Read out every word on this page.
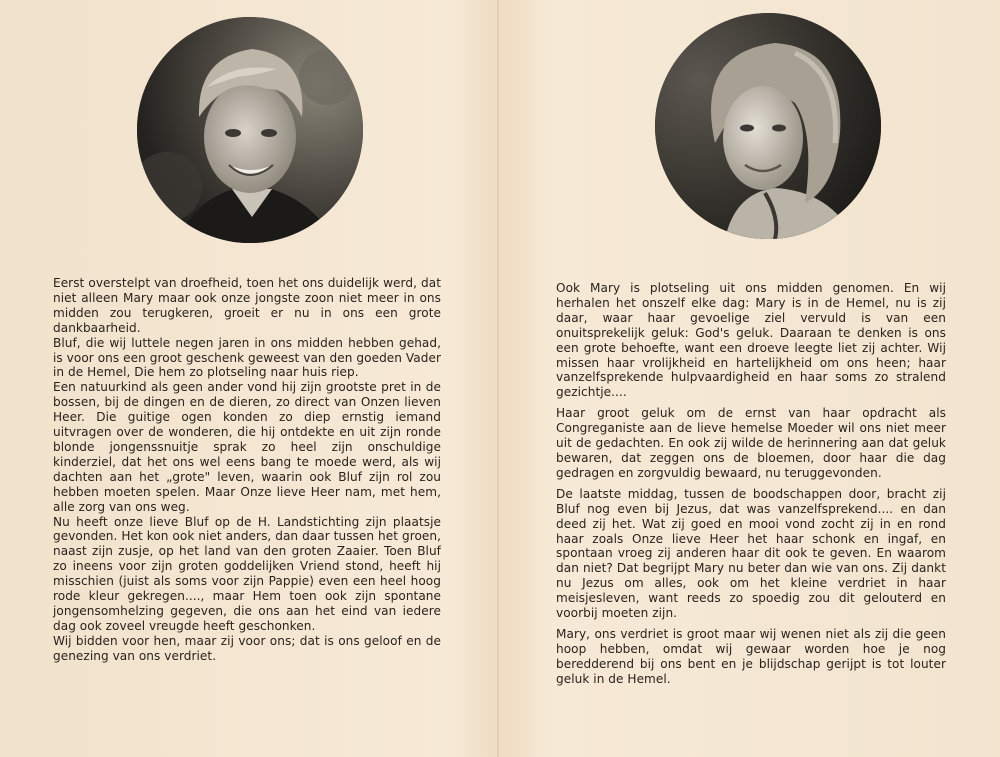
Eerst overstelpt van droefheid, toen het ons duidelijk werd, dat niet alleen Mary maar ook onze jongste zoon niet meer in ons midden zou terugkeren, groeit er nu in ons een grote dankbaarheid.

Bluf, die wij luttele negen jaren in ons midden hebben gehad, is voor ons een groot geschenk geweest van den goeden Vader in de Hemel, Die hem zo plotseling naar huis riep.

Een natuurkind als geen ander vond hij zijn grootste pret in de bossen, bij de dingen en de dieren, zo direct van Onzen lieven Heer. Die guitige ogen konden zo diep ernstig iemand uitvragen over de wonderen, die hij ontdekte en uit zijn ronde blonde jongenssnuitje sprak zo heel zijn onschuldige kinderziel, dat het ons wel eens bang te moede werd, als wij dachten aan het „grote" leven, waarin ook Bluf zijn rol zou hebben moeten spelen. Maar Onze lieve Heer nam, met hem, alle zorg van ons weg.

Nu heeft onze lieve Bluf op de H. Landstichting zijn plaatsje gevonden. Het kon ook niet anders, dan daar tussen het groen, naast zijn zusje, op het land van den groten Zaaier. Toen Bluf zo ineens voor zijn groten goddelijken Vriend stond, heeft hij misschien (juist als soms voor zijn Pappie) even een heel hoog rode kleur gekregen...., maar Hem toen ook zijn spontane jongensomhelzing gegeven, die ons aan het eind van iedere dag ook zoveel vreugde heeft geschonken.

Wij bidden voor hen, maar zij voor ons; dat is ons geloof en de genezing van ons verdriet.

Ook Mary is plotseling uit ons midden genomen. En wij herhalen het onszelf elke dag: Mary is in de Hemel, nu is zij daar, waar haar gevoelige ziel vervuld is van een onuitsprekelijk geluk: God's geluk. Daaraan te denken is ons een grote behoefte, want een droeve leegte liet zij achter. Wij missen haar vrolijkheid en hartelijkheid om ons heen; haar vanzelfsprekende hulpvaardigheid en haar soms zo stralend gezichtje....

Haar groot geluk om de ernst van haar opdracht als Congreganiste aan de lieve hemelse Moeder wil ons niet meer uit de gedachten. En ook zij wilde de herinnering aan dat geluk bewaren, dat zeggen ons de bloemen, door haar die dag gedragen en zorgvuldig bewaard, nu teruggevonden.

De laatste middag, tussen de boodschappen door, bracht zij Bluf nog even bij Jezus, dat was vanzelfsprekend.... en dan deed zij het. Wat zij goed en mooi vond zocht zij in en rond haar zoals Onze lieve Heer het haar schonk en ingaf, en spontaan vroeg zij anderen haar dit ook te geven. En waarom dan niet? Dat begrijpt Mary nu beter dan wie van ons. Zij dankt nu Jezus om alles, ook om het kleine verdriet in haar meisjesleven, want reeds zo spoedig zou dit gelouterd en voorbij moeten zijn.

Mary, ons verdriet is groot maar wij wenen niet als zij die geen hoop hebben, omdat wij gewaar worden hoe je nog beredderend bij ons bent en je blijdschap gerijpt is tot louter geluk in de Hemel.
